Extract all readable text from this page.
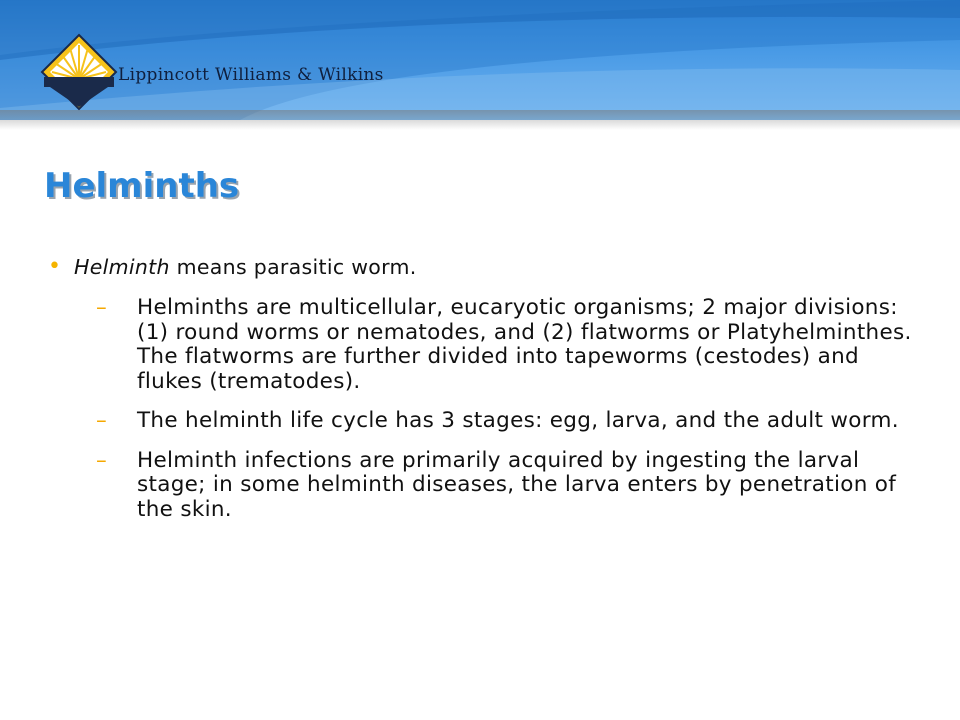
Lippincott Williams & Wilkins
Helminths
• Helminth means parasitic worm.
– Helminths are multicellular, eucaryotic organisms; 2 major divisions: (1) round worms or nematodes, and (2) flatworms or Platyhelminthes. The flatworms are further divided into tapeworms (cestodes) and flukes (trematodes).
– The helminth life cycle has 3 stages: egg, larva, and the adult worm.
– Helminth infections are primarily acquired by ingesting the larval stage; in some helminth diseases, the larva enters by penetration of the skin.
